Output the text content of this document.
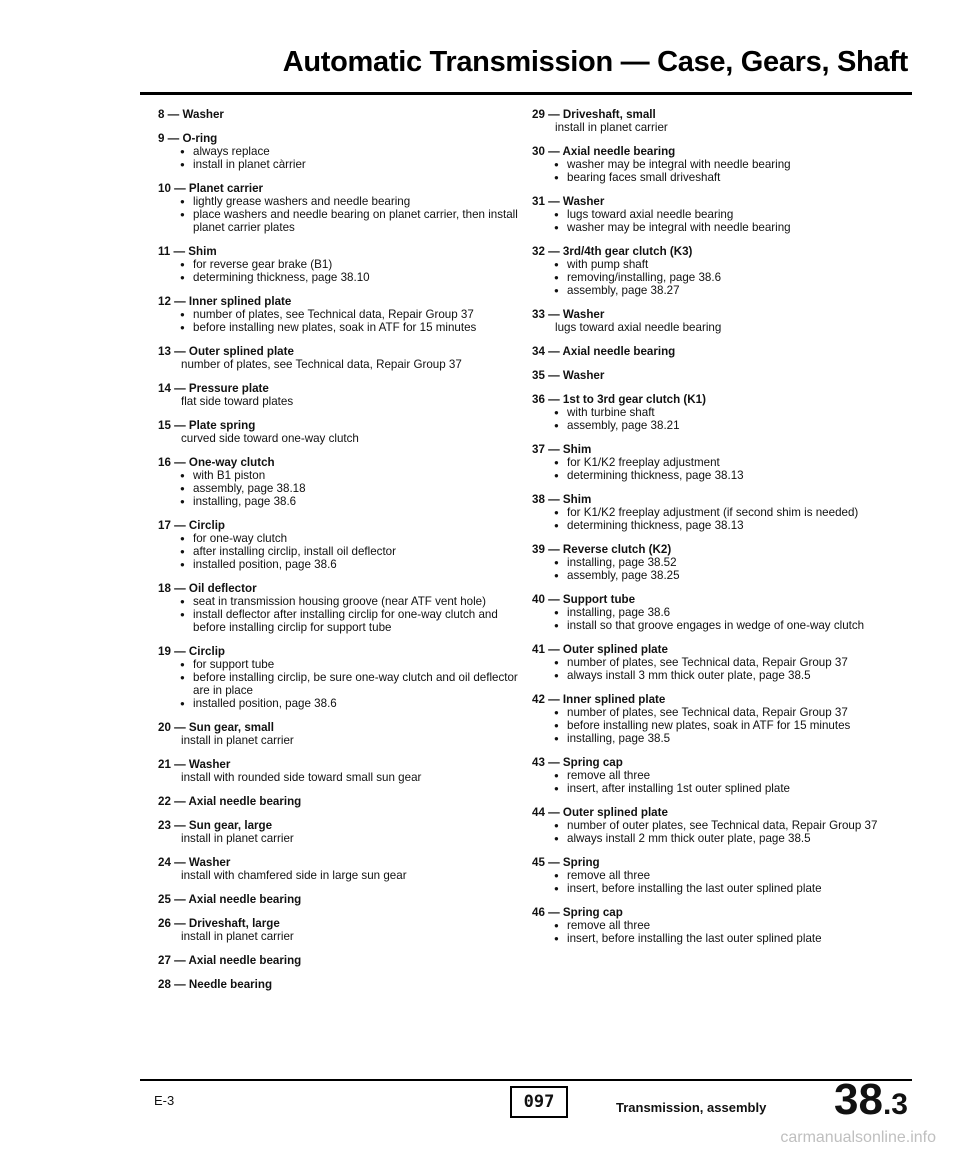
Automatic Transmission — Case, Gears, Shaft
8 — Washer
9 — O-ring
● always replace
● install in planet càrrier
10 — Planet carrier
● lightly grease washers and needle bearing
● place washers and needle bearing on planet carrier, then install planet carrier plates
11 — Shim
● for reverse gear brake (B1)
● determining thickness, page 38.10
12 — Inner splined plate
● number of plates, see Technical data, Repair Group 37
● before installing new plates, soak in ATF for 15 minutes
13 — Outer splined plate
number of plates, see Technical data, Repair Group 37
14 — Pressure plate
flat side toward plates
15 — Plate spring
curved side toward one-way clutch
16 — One-way clutch
● with B1 piston
● assembly, page 38.18
● installing, page 38.6
17 — Circlip
● for one-way clutch
● after installing circlip, install oil deflector
● installed position, page 38.6
18 — Oil deflector
● seat in transmission housing groove (near ATF vent hole)
● install deflector after installing circlip for one-way clutch and before installing circlip for support tube
19 — Circlip
● for support tube
● before installing circlip, be sure one-way clutch and oil deflector are in place
● installed position, page 38.6
20 — Sun gear, small
install in planet carrier
21 — Washer
install with rounded side toward small sun gear
22 — Axial needle bearing
23 — Sun gear, large
install in planet carrier
24 — Washer
install with chamfered side in large sun gear
25 — Axial needle bearing
26 — Driveshaft, large
install in planet carrier
27 — Axial needle bearing
28 — Needle bearing
29 — Driveshaft, small
install in planet carrier
30 — Axial needle bearing
● washer may be integral with needle bearing
● bearing faces small driveshaft
31 — Washer
● lugs toward axial needle bearing
● washer may be integral with needle bearing
32 — 3rd/4th gear clutch (K3)
● with pump shaft
● removing/installing, page 38.6
● assembly, page 38.27
33 — Washer
lugs toward axial needle bearing
34 — Axial needle bearing
35 — Washer
36 — 1st to 3rd gear clutch (K1)
● with turbine shaft
● assembly, page 38.21
37 — Shim
● for K1/K2 freeplay adjustment
● determining thickness, page 38.13
38 — Shim
● for K1/K2 freeplay adjustment (if second shim is needed)
● determining thickness, page 38.13
39 — Reverse clutch (K2)
● installing, page 38.52
● assembly, page 38.25
40 — Support tube
● installing, page 38.6
● install so that groove engages in wedge of one-way clutch
41 — Outer splined plate
● number of plates, see Technical data, Repair Group 37
● always install 3 mm thick outer plate, page 38.5
42 — Inner splined plate
● number of plates, see Technical data, Repair Group 37
● before installing new plates, soak in ATF for 15 minutes
● installing, page 38.5
43 — Spring cap
● remove all three
● insert, after installing 1st outer splined plate
44 — Outer splined plate
● number of outer plates, see Technical data, Repair Group 37
● always install 2 mm thick outer plate, page 38.5
45 — Spring
● remove all three
● insert, before installing the last outer splined plate
46 — Spring cap
● remove all three
● insert, before installing the last outer splined plate
E-3	097	Transmission, assembly 38.3
carmanualsonline.info
